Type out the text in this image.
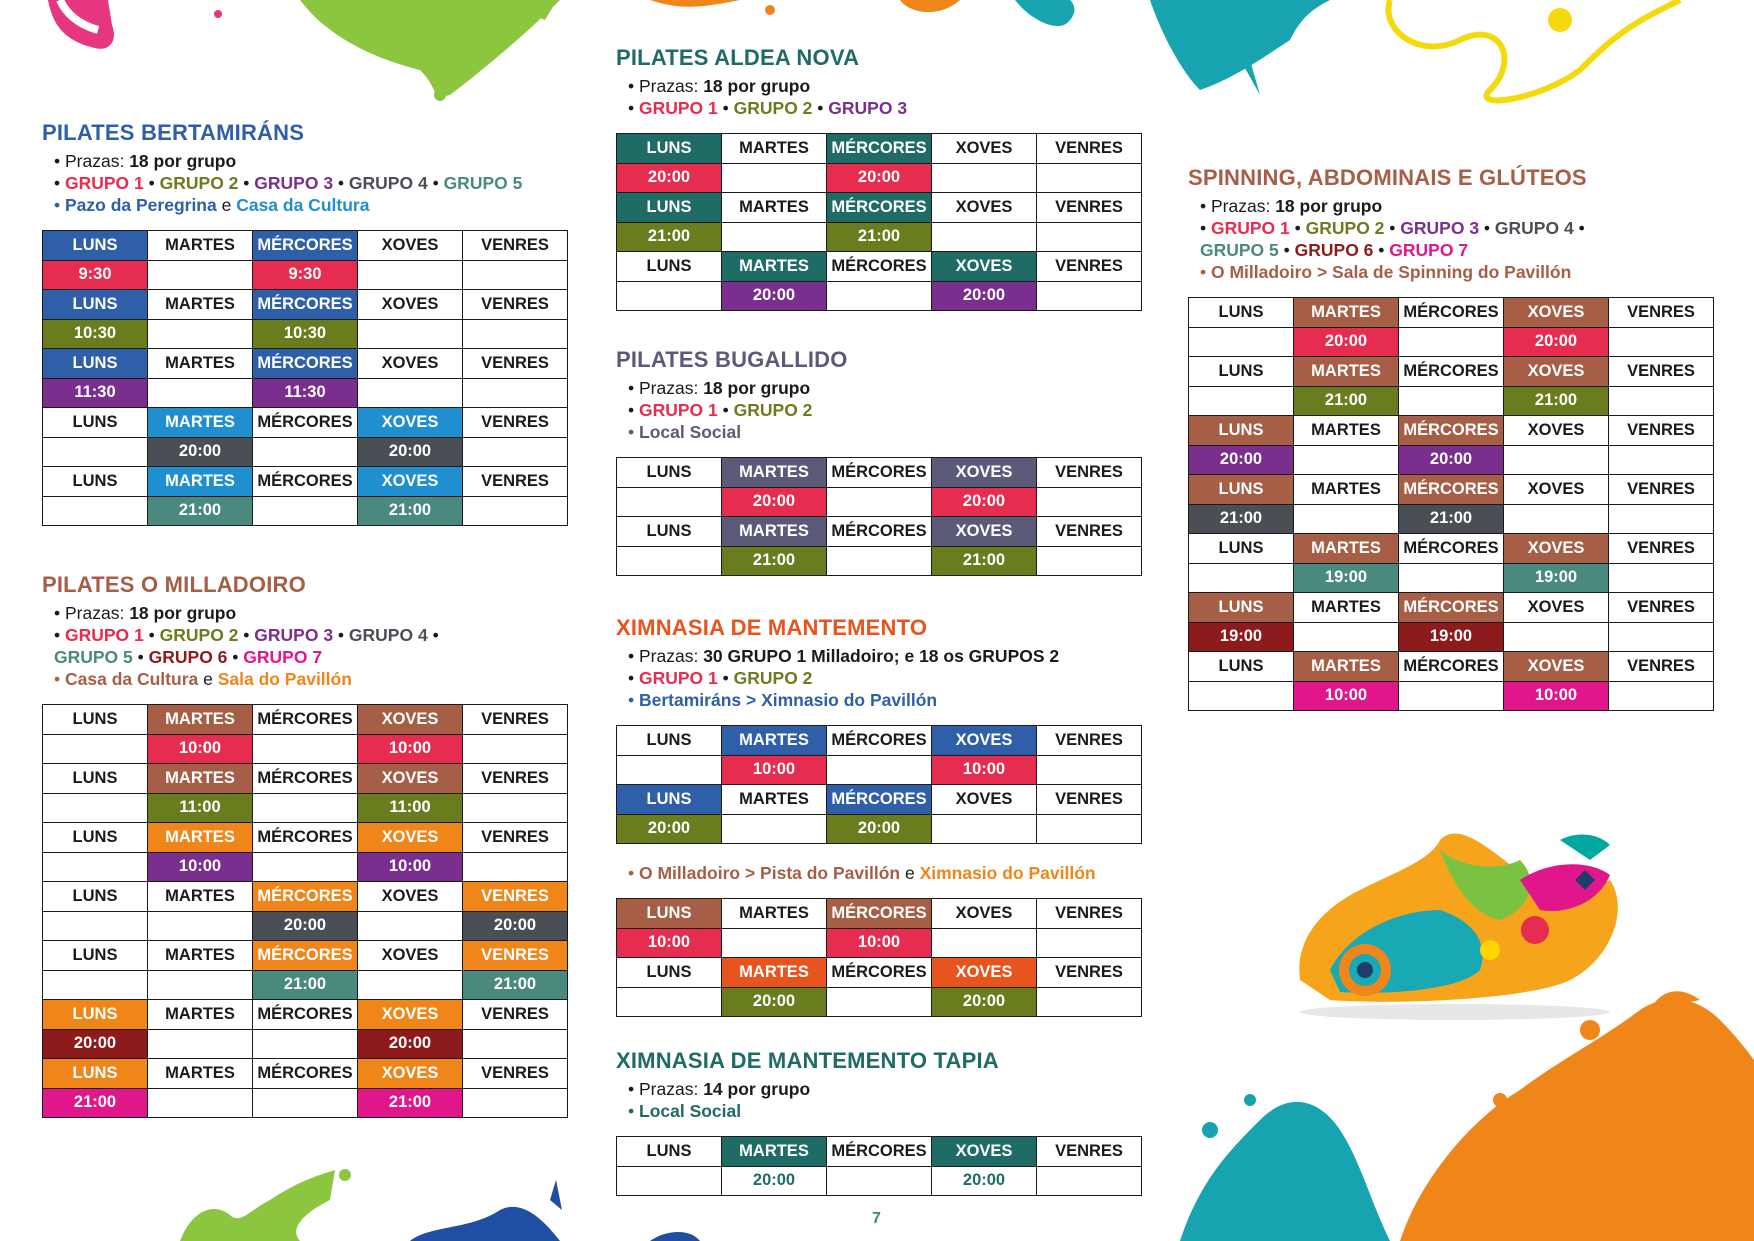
PILATES BERTAMIRÁNS
• Prazas: 18 por grupo
• GRUPO 1 • GRUPO 2 • GRUPO 3 • GRUPO 4 • GRUPO 5
• Pazo da Peregrina e Casa da Cultura
LUNS	MARTES	MÉRCORES	XOVES	VENRES
9:30		9:30		
LUNS	MARTES	MÉRCORES	XOVES	VENRES
10:30		10:30		
LUNS	MARTES	MÉRCORES	XOVES	VENRES
11:30		11:30		
LUNS	MARTES	MÉRCORES	XOVES	VENRES
	20:00		20:00	
LUNS	MARTES	MÉRCORES	XOVES	VENRES
	21:00		21:00	
PILATES O MILLADOIRO
• Prazas: 18 por grupo
• GRUPO 1 • GRUPO 2 • GRUPO 3 • GRUPO 4 •
GRUPO 5 • GRUPO 6 • GRUPO 7
• Casa da Cultura e Sala do Pavillón
LUNS	MARTES	MÉRCORES	XOVES	VENRES
	10:00		10:00	
LUNS	MARTES	MÉRCORES	XOVES	VENRES
	11:00		11:00	
LUNS	MARTES	MÉRCORES	XOVES	VENRES
	10:00		10:00	
LUNS	MARTES	MÉRCORES	XOVES	VENRES
		20:00		20:00
LUNS	MARTES	MÉRCORES	XOVES	VENRES
		21:00		21:00
LUNS	MARTES	MÉRCORES	XOVES	VENRES
20:00			20:00	
LUNS	MARTES	MÉRCORES	XOVES	VENRES
21:00			21:00	
PILATES ALDEA NOVA
• Prazas: 18 por grupo
• GRUPO 1 • GRUPO 2 • GRUPO 3
LUNS	MARTES	MÉRCORES	XOVES	VENRES
20:00		20:00		
LUNS	MARTES	MÉRCORES	XOVES	VENRES
21:00		21:00		
LUNS	MARTES	MÉRCORES	XOVES	VENRES
	20:00		20:00	
PILATES BUGALLIDO
• Prazas: 18 por grupo
• GRUPO 1 • GRUPO 2
• Local Social
LUNS	MARTES	MÉRCORES	XOVES	VENRES
	20:00		20:00	
LUNS	MARTES	MÉRCORES	XOVES	VENRES
	21:00		21:00	
XIMNASIA DE MANTEMENTO
• Prazas: 30 GRUPO 1 Milladoiro; e 18 os GRUPOS 2
• GRUPO 1 • GRUPO 2
• Bertamiráns > Ximnasio do Pavillón
LUNS	MARTES	MÉRCORES	XOVES	VENRES
	10:00		10:00	
LUNS	MARTES	MÉRCORES	XOVES	VENRES
20:00		20:00		
• O Milladoiro > Pista do Pavillón e Ximnasio do Pavillón
LUNS	MARTES	MÉRCORES	XOVES	VENRES
10:00		10:00		
LUNS	MARTES	MÉRCORES	XOVES	VENRES
	20:00		20:00	
XIMNASIA DE MANTEMENTO TAPIA
• Prazas: 14 por grupo
• Local Social
LUNS	MARTES	MÉRCORES	XOVES	VENRES
	20:00		20:00	
SPINNING, ABDOMINAIS E GLÚTEOS
• Prazas: 18 por grupo
• GRUPO 1 • GRUPO 2 • GRUPO 3 • GRUPO 4 •
GRUPO 5 • GRUPO 6 • GRUPO 7
• O Milladoiro > Sala de Spinning do Pavillón
LUNS	MARTES	MÉRCORES	XOVES	VENRES
	20:00		20:00	
LUNS	MARTES	MÉRCORES	XOVES	VENRES
	21:00		21:00	
LUNS	MARTES	MÉRCORES	XOVES	VENRES
20:00		20:00		
LUNS	MARTES	MÉRCORES	XOVES	VENRES
21:00		21:00		
LUNS	MARTES	MÉRCORES	XOVES	VENRES
	19:00		19:00	
LUNS	MARTES	MÉRCORES	XOVES	VENRES
19:00		19:00		
LUNS	MARTES	MÉRCORES	XOVES	VENRES
	10:00		10:00	
7
